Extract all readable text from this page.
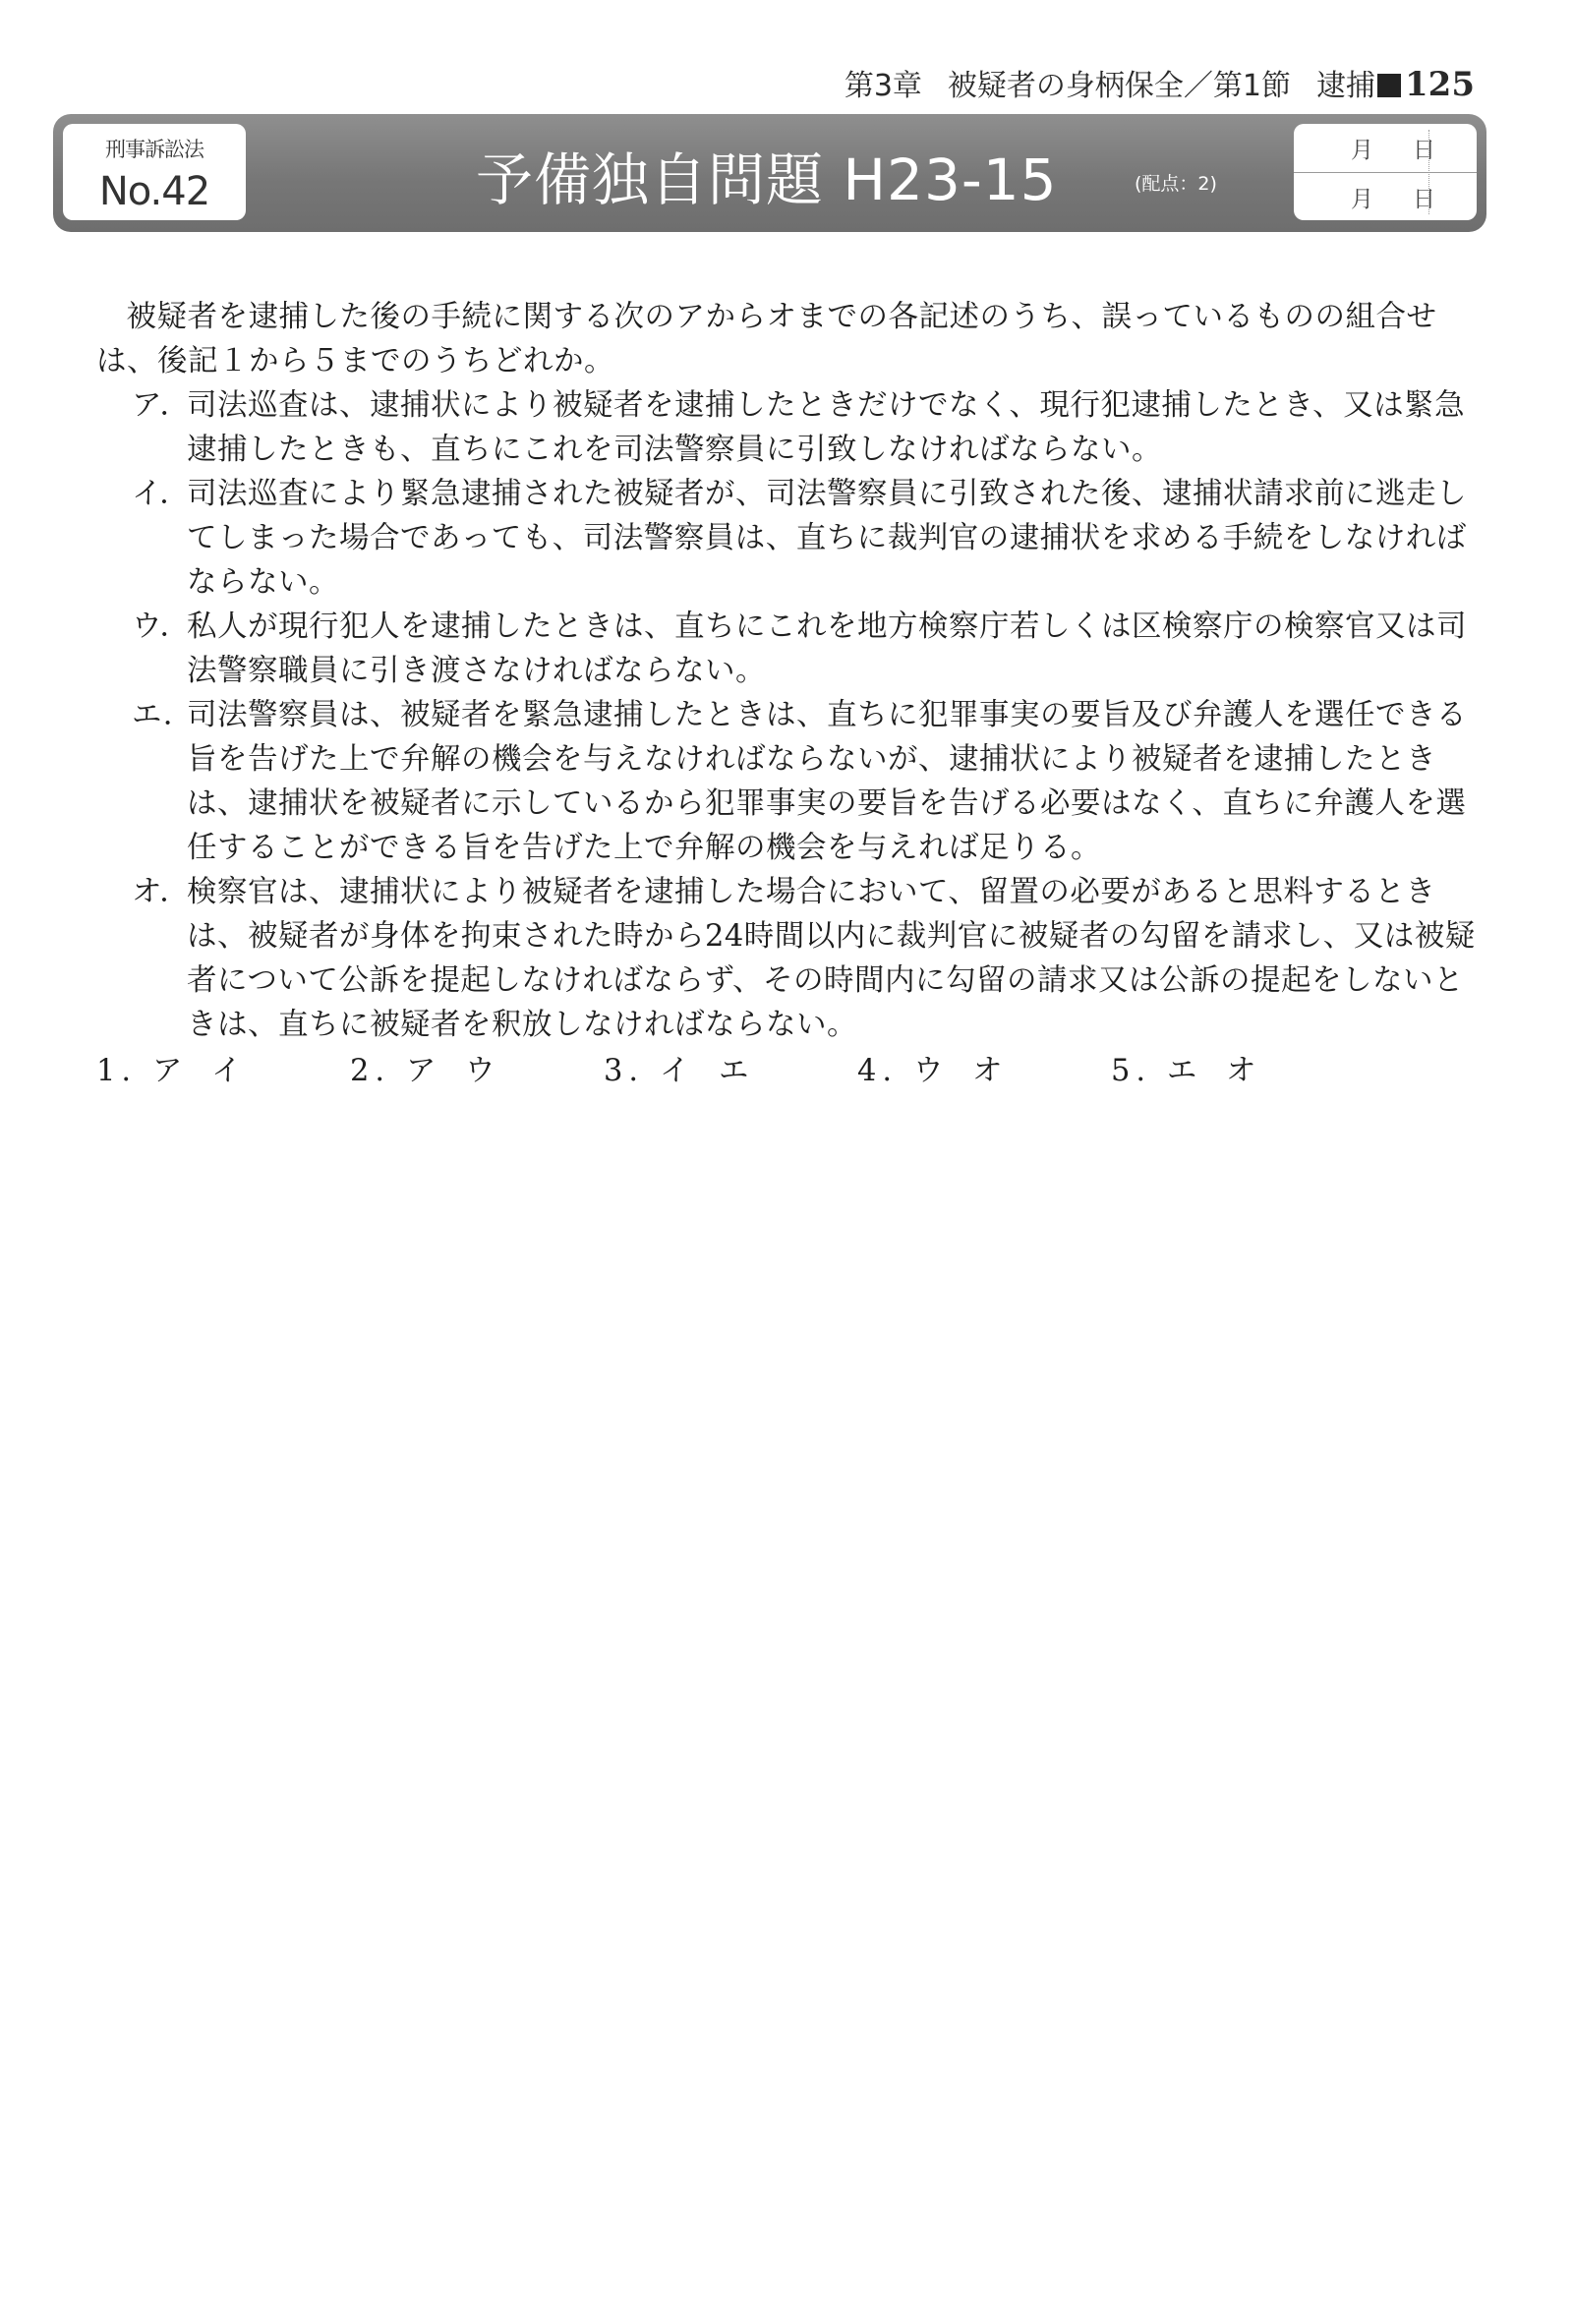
第3章 被疑者の身柄保全／第1節 逮捕 125
刑事訴訟法
No.42	予備独自問題 H23-15	(配点：2)
月 日
月 日

被疑者を逮捕した後の手続に関する次のアからオまでの各記述のうち、誤っているものの組合せは、後記１から５までのうちどれか。

ア．
司法巡査は、逮捕状により被疑者を逮捕したときだけでなく、現行犯逮捕したとき、又は緊急逮捕したときも、直ちにこれを司法警察員に引致しなければならない。
イ．
司法巡査により緊急逮捕された被疑者が、司法警察員に引致された後、逮捕状請求前に逃走してしまった場合であっても、司法警察員は、直ちに裁判官の逮捕状を求める手続をしなければならない。
ウ．
私人が現行犯人を逮捕したときは、直ちにこれを地方検察庁若しくは区検察庁の検察官又は司法警察職員に引き渡さなければならない。
エ．
司法警察員は、被疑者を緊急逮捕したときは、直ちに犯罪事実の要旨及び弁護人を選任できる旨を告げた上で弁解の機会を与えなければならないが、逮捕状により被疑者を逮捕したときは、逮捕状を被疑者に示しているから犯罪事実の要旨を告げる必要はなく、直ちに弁護人を選任することができる旨を告げた上で弁解の機会を与えれば足りる。
オ．
検察官は、逮捕状により被疑者を逮捕した場合において、留置の必要があると思料するときは、被疑者が身体を拘束された時から24時間以内に裁判官に被疑者の勾留を請求し、又は被疑者について公訴を提起しなければならず、その時間内に勾留の請求又は公訴の提起をしないときは、直ちに被疑者を釈放しなければならない。
1. ア イ	2. ア ウ	3. イ エ	4. ウ オ	5. エ オ
